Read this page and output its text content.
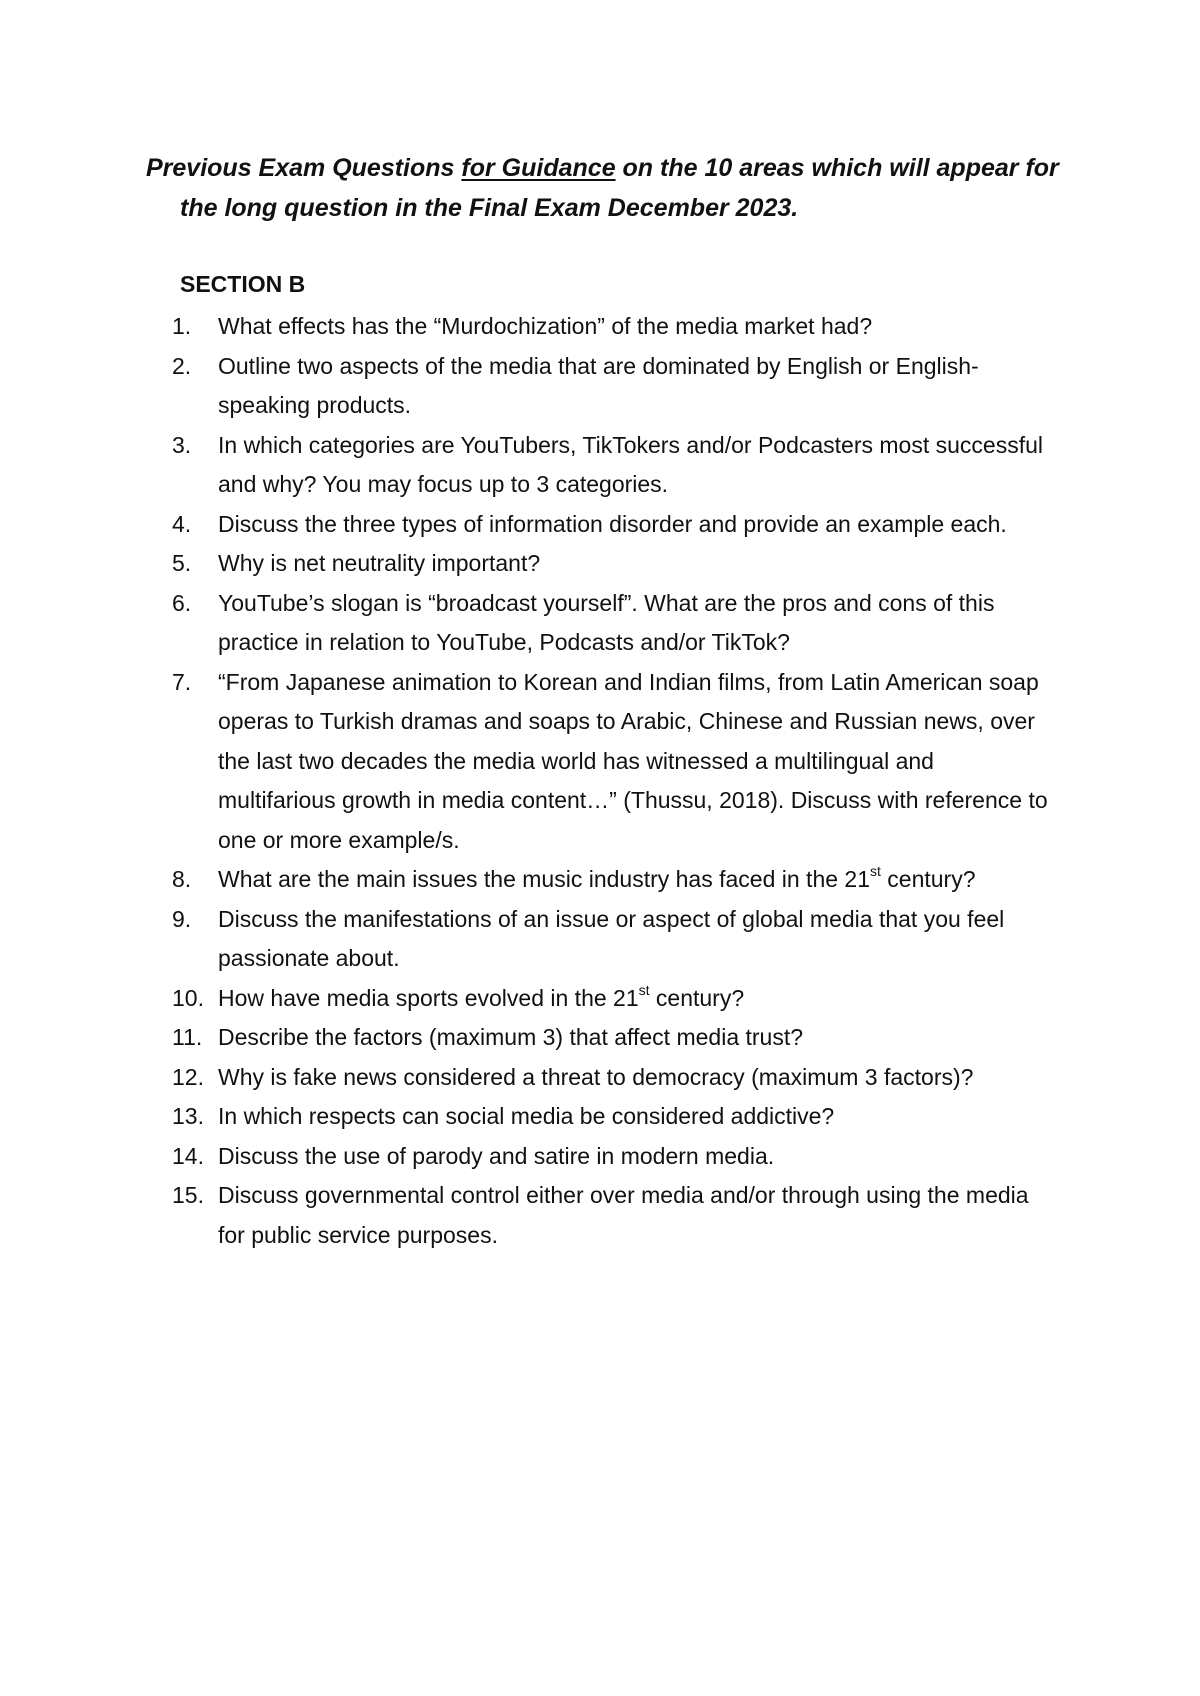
Previous Exam Questions for Guidance on the 10 areas which will appear for the long question in the Final Exam December 2023.

SECTION B

1. What effects has the “Murdochization” of the media market had?
2. Outline two aspects of the media that are dominated by English or English-speaking products.
3. In which categories are YouTubers, TikTokers and/or Podcasters most successful and why? You may focus up to 3 categories.
4. Discuss the three types of information disorder and provide an example each.
5. Why is net neutrality important?
6. YouTube’s slogan is “broadcast yourself”. What are the pros and cons of this practice in relation to YouTube, Podcasts and/or TikTok?
7. “From Japanese animation to Korean and Indian films, from Latin American soap operas to Turkish dramas and soaps to Arabic, Chinese and Russian news, over the last two decades the media world has witnessed a multilingual and multifarious growth in media content…” (Thussu, 2018). Discuss with reference to one or more example/s.
8. What are the main issues the music industry has faced in the 21st century?
9. Discuss the manifestations of an issue or aspect of global media that you feel passionate about.
10. How have media sports evolved in the 21st century?
11. Describe the factors (maximum 3) that affect media trust?
12. Why is fake news considered a threat to democracy (maximum 3 factors)?
13. In which respects can social media be considered addictive?
14. Discuss the use of parody and satire in modern media.
15. Discuss governmental control either over media and/or through using the media for public service purposes.
